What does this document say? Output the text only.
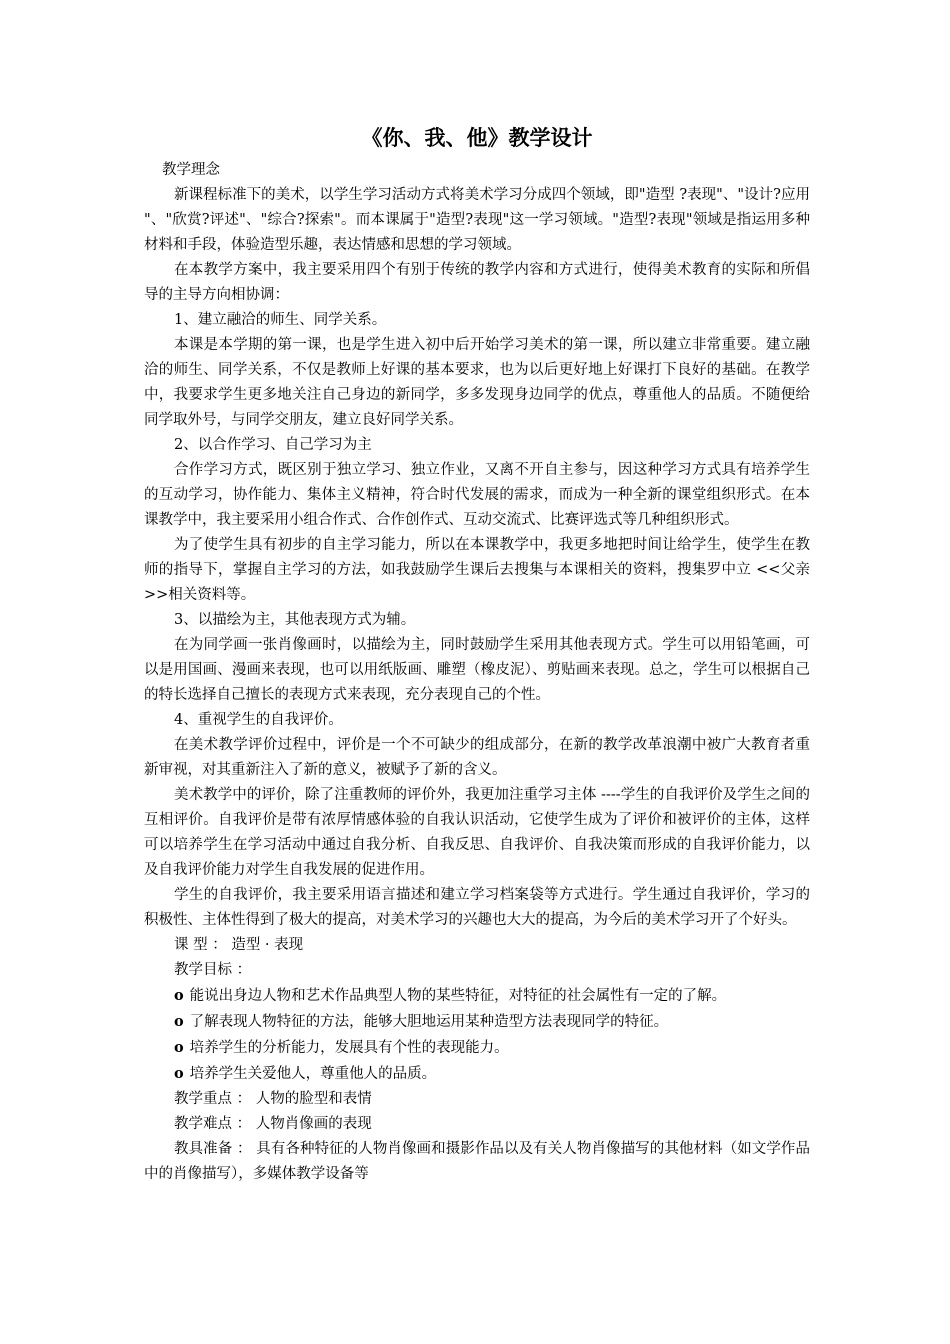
《你、我、他》教学设计

教学理念

新课程标准下的美术，以学生学习活动方式将美术学习分成四个领域，即"造型 ?表现"、"设计?应用 "、"欣赏?评述"、"综合?探索"。而本课属于"造型?表现"这一学习领域。"造型?表现"领域是指运用多种材料和手段，体验造型乐趣，表达情感和思想的学习领域。

在本教学方案中，我主要采用四个有别于传统的教学内容和方式进行，使得美术教育的实际和所倡导的主导方向相协调：

1、建立融洽的师生、同学关系。

本课是本学期的第一课，也是学生进入初中后开始学习美术的第一课，所以建立非常重要。建立融洽的师生、同学关系，不仅是教师上好课的基本要求，也为以后更好地上好课打下良好的基础。在教学中，我要求学生更多地关注自己身边的新同学，多多发现身边同学的优点，尊重他人的品质。不随便给同学取外号，与同学交朋友，建立良好同学关系。

2、以合作学习、自己学习为主

合作学习方式，既区别于独立学习、独立作业，又离不开自主参与，因这种学习方式具有培养学生的互动学习，协作能力、集体主义精神，符合时代发展的需求，而成为一种全新的课堂组织形式。在本课教学中，我主要采用小组合作式、合作创作式、互动交流式、比赛评选式等几种组织形式。

为了使学生具有初步的自主学习能力，所以在本课教学中，我更多地把时间让给学生，使学生在教师的指导下，掌握自主学习的方法，如我鼓励学生课后去搜集与本课相关的资料，搜集罗中立 <<父亲>>相关资料等。

3、以描绘为主，其他表现方式为辅。

在为同学画一张肖像画时，以描绘为主，同时鼓励学生采用其他表现方式。学生可以用铅笔画，可以是用国画、漫画来表现，也可以用纸版画、雕塑（橡皮泥）、剪贴画来表现。总之，学生可以根据自己的特长选择自己擅长的表现方式来表现，充分表现自己的个性。

4、重视学生的自我评价。

在美术教学评价过程中，评价是一个不可缺少的组成部分，在新的教学改革浪潮中被广大教育者重新审视，对其重新注入了新的意义，被赋予了新的含义。

美术教学中的评价，除了注重教师的评价外，我更加注重学习主体 ----学生的自我评价及学生之间的互相评价。自我评价是带有浓厚情感体验的自我认识活动，它使学生成为了评价和被评价的主体，这样可以培养学生在学习活动中通过自我分析、自我反思、自我评价、自我决策而形成的自我评价能力，以及自我评价能力对学生自我发展的促进作用。

学生的自我评价，我主要采用语言描述和建立学习档案袋等方式进行。学生通过自我评价，学习的积极性、主体性得到了极大的提高，对美术学习的兴趣也大大的提高，为今后的美术学习开了个好头。

课 型 ： 造型 · 表现

教学目标 ：

o 能说出身边人物和艺术作品典型人物的某些特征，对特征的社会属性有一定的了解。

o 了解表现人物特征的方法，能够大胆地运用某种造型方法表现同学的特征。

o 培养学生的分析能力，发展具有个性的表现能力。

o 培养学生关爱他人，尊重他人的品质。

教学重点 ： 人物的脸型和表情

教学难点 ： 人物肖像画的表现

教具准备 ： 具有各种特征的人物肖像画和摄影作品以及有关人物肖像描写的其他材料（如文学作品中的肖像描写），多媒体教学设备等
